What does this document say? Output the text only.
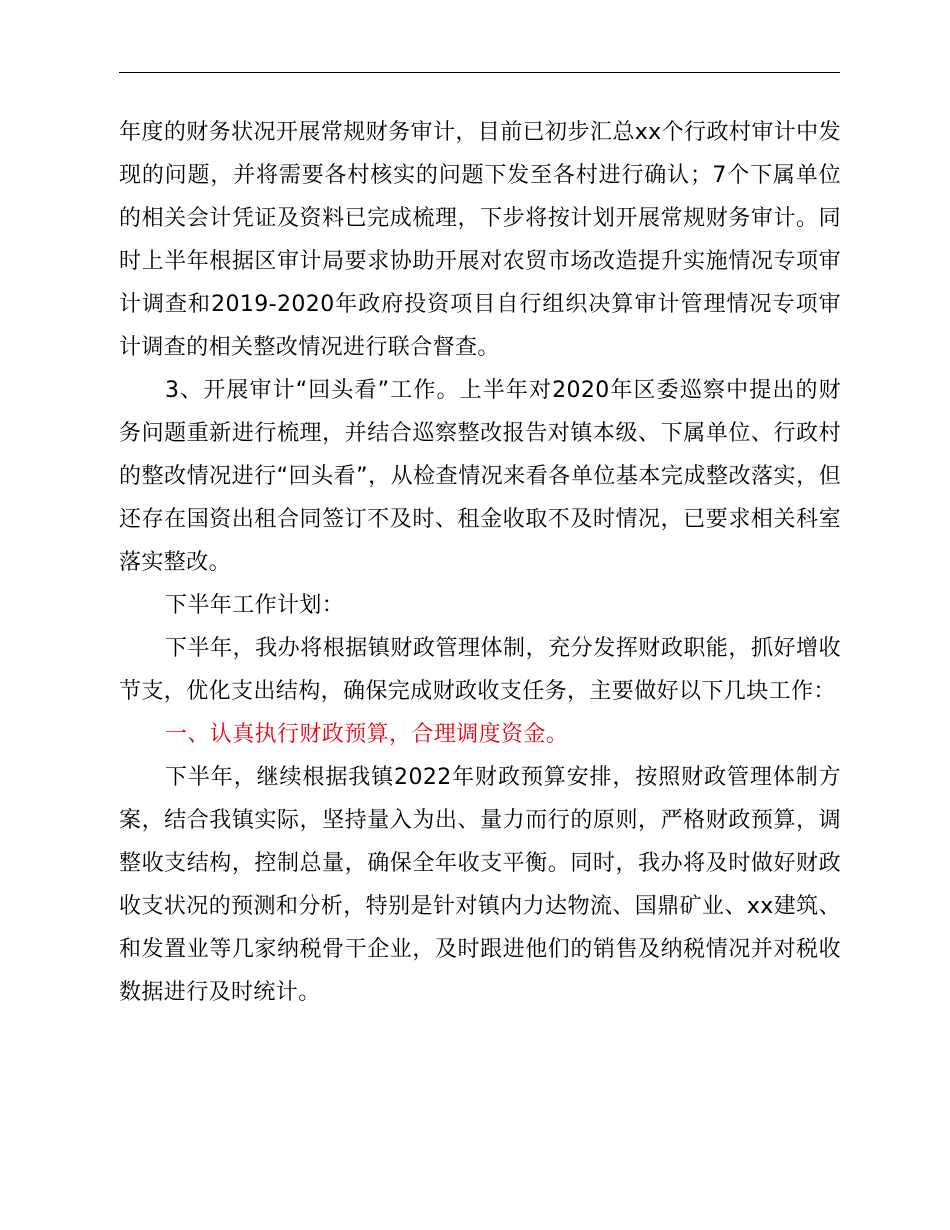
年度的财务状况开展常规财务审计，目前已初步汇总xx个行政村审计中发现的问题，并将需要各村核实的问题下发至各村进行确认；7个下属单位的相关会计凭证及资料已完成梳理，下步将按计划开展常规财务审计。同时上半年根据区审计局要求协助开展对农贸市场改造提升实施情况专项审计调查和2019-2020年政府投资项目自行组织决算审计管理情况专项审计调查的相关整改情况进行联合督查。

3、开展审计“回头看”工作。上半年对2020年区委巡察中提出的财务问题重新进行梳理，并结合巡察整改报告对镇本级、下属单位、行政村的整改情况进行“回头看”，从检查情况来看各单位基本完成整改落实，但还存在国资出租合同签订不及时、租金收取不及时情况，已要求相关科室落实整改。

下半年工作计划：

下半年，我办将根据镇财政管理体制，充分发挥财政职能，抓好增收节支，优化支出结构，确保完成财政收支任务，主要做好以下几块工作：

一、认真执行财政预算，合理调度资金。

下半年，继续根据我镇2022年财政预算安排，按照财政管理体制方案，结合我镇实际，坚持量入为出、量力而行的原则，严格财政预算，调整收支结构，控制总量，确保全年收支平衡。同时，我办将及时做好财政收支状况的预测和分析，特别是针对镇内力达物流、国鼎矿业、xx建筑、和发置业等几家纳税骨干企业，及时跟进他们的销售及纳税情况并对税收数据进行及时统计。
